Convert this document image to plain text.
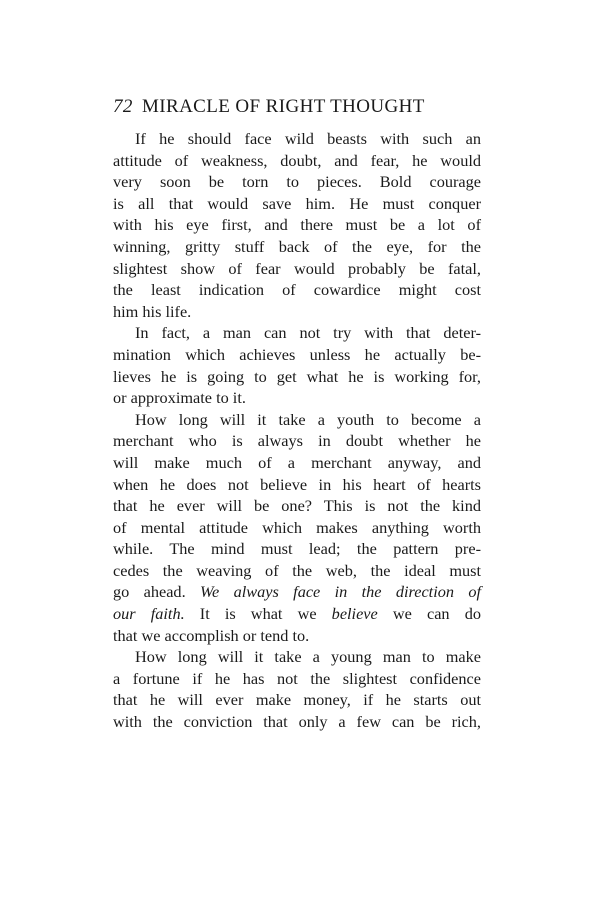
72 MIRACLE OF RIGHT THOUGHT
If he should face wild beasts with such an
attitude of weakness, doubt, and fear, he would
very soon be torn to pieces. Bold courage
is all that would save him. He must conquer
with his eye first, and there must be a lot of
winning, gritty stuff back of the eye, for the
slightest show of fear would probably be fatal,
the least indication of cowardice might cost
him his life.
In fact, a man can not try with that deter-
mination which achieves unless he actually be-
lieves he is going to get what he is working for,
or approximate to it.
How long will it take a youth to become a
merchant who is always in doubt whether he
will make much of a merchant anyway, and
when he does not believe in his heart of hearts
that he ever will be one? This is not the kind
of mental attitude which makes anything worth
while. The mind must lead; the pattern pre-
cedes the weaving of the web, the ideal must
go ahead. We always face in the direction of
our faith. It is what we believe we can do
that we accomplish or tend to.
How long will it take a young man to make
a fortune if he has not the slightest confidence
that he will ever make money, if he starts out
with the conviction that only a few can be rich,
